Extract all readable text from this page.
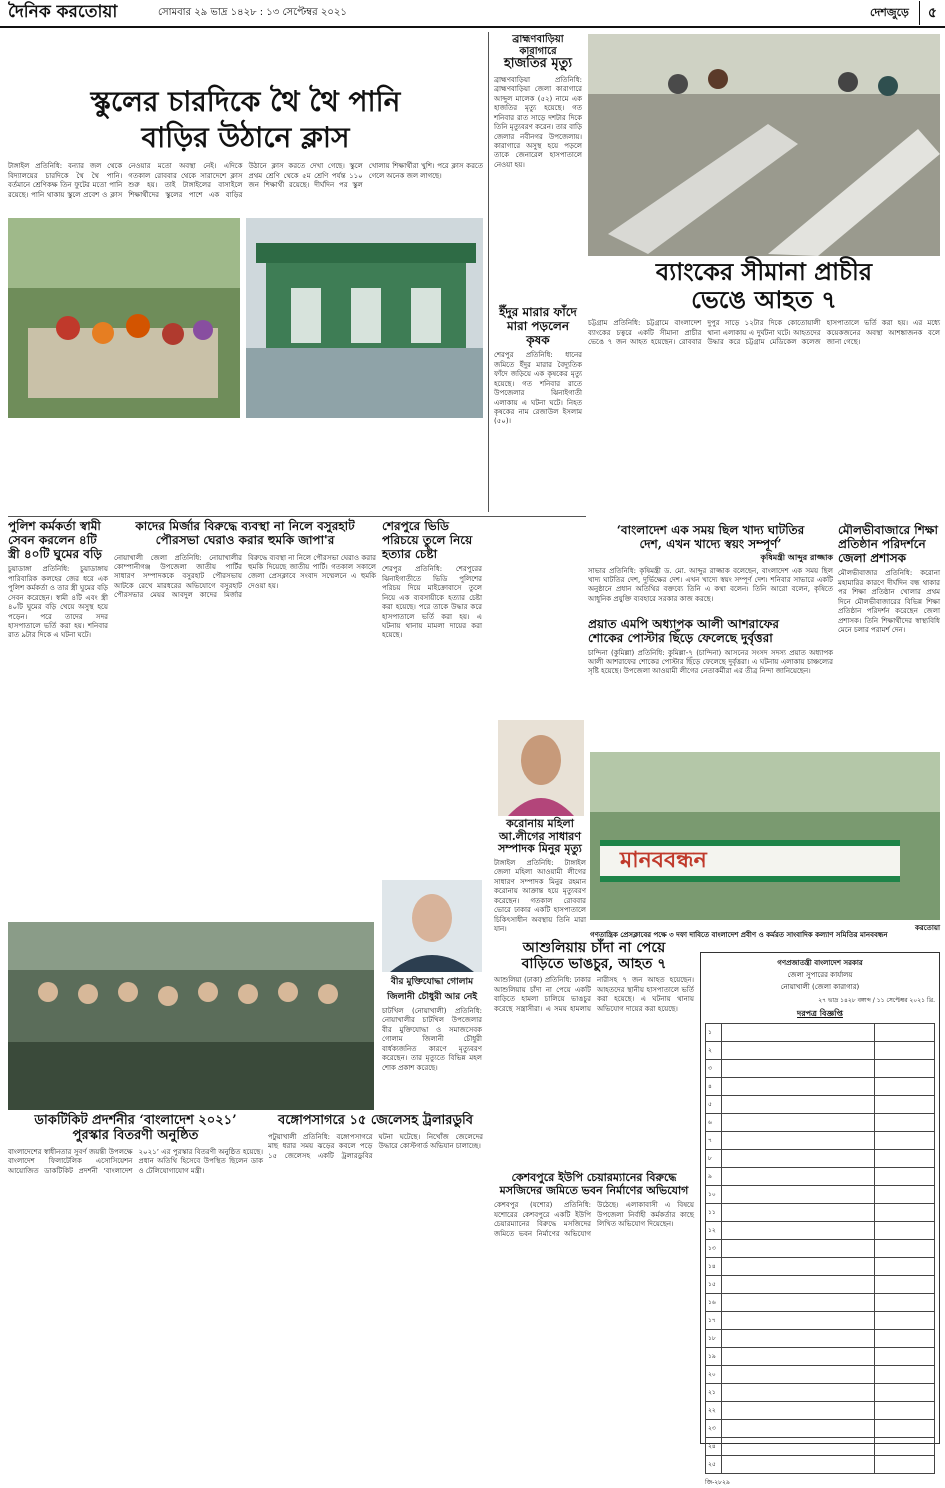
দৈনিক করতোয়া	সোমবার ২৯ ভাদ্র ১৪২৮ : ১৩ সেপ্টেম্বর ২০২১	দেশজুড়ে	৫
স্কুলের চারদিকে থৈ থৈ পানি
বাড়ির উঠানে ক্লাস
টাঙ্গাইল প্রতিনিধি: বন্যার জল থেকে বিদ্যালয়ের চারদিকে থৈ থৈ পানি। বর্তমানে শ্রেণিকক্ষ তিন ফুটের মতো পানি রয়েছে। পানি থাকায় স্কুলে প্রবেশ ও ক্লাস নেওয়ার মতো অবস্থা নেই। এদিকে গতকাল রোববার থেকে সারাদেশে ক্লাস শুরু হয়। তাই টাঙ্গাইলের বাসাইলে শিক্ষার্থীদের স্কুলের পাশে এক বাড়ির উঠানে ক্লাস করতে দেখা গেছে। স্কুলে প্রথম শ্রেণি থেকে ৫ম শ্রেণি পর্যন্ত ১১০ জন শিক্ষার্থী রয়েছে। দীর্ঘদিন পর স্কুল খোলায় শিক্ষার্থীরা খুশি। পরে ক্লাস করতে গেলে অনেক জল লাগছে।
ব্রাহ্মণবাড়িয়া কারাগারে
হাজতির মৃত্যু
ব্রাহ্মণবাড়িয়া প্রতিনিধি: ব্রাহ্মণবাড়িয়া জেলা কারাগারে আব্দুল মালেক (৫২) নামে এক হাজতির মৃত্যু হয়েছে। গত শনিবার রাত সাড়ে দশটার দিকে তিনি মৃত্যুবরণ করেন। তার বাড়ি জেলার নবীনগর উপজেলায়। কারাগারে অসুস্থ হয়ে পড়লে তাকে জেনারেল হাসপাতালে নেওয়া হয়।
ইঁদুর মারার ফাঁদে মারা পড়লেন কৃষক
শেরপুর প্রতিনিধি: ধানের জমিতে ইঁদুর মারার বৈদ্যুতিক ফাঁদে জড়িয়ে এক কৃষকের মৃত্যু হয়েছে। গত শনিবার রাতে উপজেলার ঝিনাইগাতী এলাকায় এ ঘটনা ঘটে। নিহত কৃষকের নাম রেজাউল ইসলাম (৫০)।
ব্যাংকের সীমানা প্রাচীর
ভেঙে আহত ৭
চট্টগ্রাম প্রতিনিধি: চট্টগ্রামে বাংলাদেশ ব্যাংকের চত্বরে একটি সীমানা প্রাচীর ভেঙে ৭ জন আহত হয়েছেন। রোববার দুপুর সাড়ে ১২টার দিকে কোতোয়ালী থানা এলাকায় এ দুর্ঘটনা ঘটে। আহতদের উদ্ধার করে চট্টগ্রাম মেডিকেল কলেজ হাসপাতালে ভর্তি করা হয়। এর মধ্যে কয়েকজনের অবস্থা আশঙ্কাজনক বলে জানা গেছে।
পুলিশ কর্মকর্তা স্বামী সেবন করলেন ৪টি স্ত্রী ৪০টি ঘুমের বড়ি
চুয়াডাঙ্গা প্রতিনিধি: চুয়াডাঙ্গায় পারিবারিক কলহের জের ধরে এক পুলিশ কর্মকর্তা ও তার স্ত্রী ঘুমের বড়ি সেবন করেছেন। স্বামী ৪টি এবং স্ত্রী ৪০টি ঘুমের বড়ি খেয়ে অসুস্থ হয়ে পড়েন। পরে তাদের সদর হাসপাতালে ভর্তি করা হয়। শনিবার রাত ৯টার দিকে এ ঘটনা ঘটে।
কাদের মির্জার বিরুদ্ধে ব্যবস্থা না নিলে বসুরহাট
পৌরসভা ঘেরাও করার হুমকি জাপা'র
নোয়াখালী জেলা প্রতিনিধি: নোয়াখালীর কোম্পানীগঞ্জ উপজেলা জাতীয় পার্টির সাধারণ সম্পাদককে বসুরহাট পৌরসভায় আটকে রেখে মারধরের অভিযোগে বসুরহাট পৌরসভার মেয়র আবদুল কাদের মির্জার বিরুদ্ধে ব্যবস্থা না নিলে পৌরসভা ঘেরাও করার হুমকি দিয়েছে জাতীয় পার্টি। গতকাল সকালে জেলা প্রেসক্লাবে সংবাদ সম্মেলনে এ হুমকি দেওয়া হয়।
শেরপুরে ভিডি পরিচয়ে তুলে নিয়ে হত্যার চেষ্টা
শেরপুর প্রতিনিধি: শেরপুরের ঝিনাইগাতীতে ভিডি পুলিশের পরিচয় দিয়ে মাইক্রোবাসে তুলে নিয়ে এক ব্যবসায়ীকে হত্যার চেষ্টা করা হয়েছে। পরে তাকে উদ্ধার করে হাসপাতালে ভর্তি করা হয়। এ ঘটনায় থানায় মামলা দায়ের করা হয়েছে।
‘বাংলাদেশ এক সময় ছিল খাদ্য ঘাটতির
দেশ, এখন খাদ্যে স্বয়ং সম্পূর্ণ’
কৃষিমন্ত্রী আব্দুর রাজ্জাক
সাভার প্রতিনিধি: কৃষিমন্ত্রী ড. মো. আব্দুর রাজ্জাক বলেছেন, বাংলাদেশ এক সময় ছিল খাদ্য ঘাটতির দেশ, দুর্ভিক্ষের দেশ। এখন খাদ্যে স্বয়ং সম্পূর্ণ দেশ। শনিবার সাভারে একটি অনুষ্ঠানে প্রধান অতিথির বক্তব্যে তিনি এ কথা বলেন। তিনি আরো বলেন, কৃষিতে আধুনিক প্রযুক্তি ব্যবহারে সরকার কাজ করছে।
মৌলভীবাজারে শিক্ষা প্রতিষ্ঠান পরিদর্শনে জেলা প্রশাসক
মৌলভীবাজার প্রতিনিধি: করোনা মহামারির কারণে দীর্ঘদিন বন্ধ থাকার পর শিক্ষা প্রতিষ্ঠান খোলার প্রথম দিনে মৌলভীবাজারের বিভিন্ন শিক্ষা প্রতিষ্ঠান পরিদর্শন করেছেন জেলা প্রশাসক। তিনি শিক্ষার্থীদের স্বাস্থ্যবিধি মেনে চলার পরামর্শ দেন।
করোনায় মহিলা আ.লীগের সাধারণ সম্পাদক মিনুর মৃত্যু
টাঙ্গাইল প্রতিনিধি: টাঙ্গাইল জেলা মহিলা আওয়ামী লীগের সাধারণ সম্পাদক মিনুর রহমান করোনায় আক্রান্ত হয়ে মৃত্যুবরণ করেছেন। গতকাল রোববার ভোরে ঢাকার একটি হাসপাতালে চিকিৎসাধীন অবস্থায় তিনি মারা যান।
প্রয়াত এমপি অধ্যাপক আলী আশরাফের
শোকের পোস্টার ছিঁড়ে ফেলেছে দুর্বৃত্তরা
চান্দিনা (কুমিল্লা) প্রতিনিধি: কুমিল্লা-৭ (চান্দিনা) আসনের সংসদ সদস্য প্রয়াত অধ্যাপক আলী আশরাফের শোকের পোস্টার ছিঁড়ে ফেলেছে দুর্বৃত্তরা। এ ঘটনায় এলাকায় চাঞ্চল্যের সৃষ্টি হয়েছে। উপজেলা আওয়ামী লীগের নেতাকর্মীরা এর তীব্র নিন্দা জানিয়েছেন।
বীর মুক্তিযোদ্ধা গোলাম জিলানী চৌধুরী আর নেই
চাটখিল (নোয়াখালী) প্রতিনিধি: নোয়াখালীর চাটখিল উপজেলার বীর মুক্তিযোদ্ধা ও সমাজসেবক গোলাম জিলানী চৌধুরী বার্ধক্যজনিত কারণে মৃত্যুবরণ করেছেন। তার মৃত্যুতে বিভিন্ন মহল শোক প্রকাশ করেছে।
মানববন্ধন
গণতান্ত্রিক প্রেসক্লাবের পক্ষে ৩ দফা দাবিতে বাংলাদেশ প্রবীণ ও কর্মরত সাংবাদিক কল্যাণ সমিতির মানববন্ধন
করতোয়া
ডাকটিকিট প্রদর্শনীর ‘বাংলাদেশ ২০২১’
পুরস্কার বিতরণী অনুষ্ঠিত
বাংলাদেশের স্বাধীনতার সুবর্ণ জয়ন্তী উপলক্ষে বাংলাদেশ ফিলাটেলিক এসোসিয়েশন আয়োজিত ডাকটিকিট প্রদর্শনী ‘বাংলাদেশ ২০২১’ এর পুরস্কার বিতরণী অনুষ্ঠিত হয়েছে। প্রধান অতিথি হিসেবে উপস্থিত ছিলেন ডাক ও টেলিযোগাযোগ মন্ত্রী।
বঙ্গোপসাগরে ১৫ জেলেসহ ট্রলারডুবি
পটুয়াখালী প্রতিনিধি: বঙ্গোপসাগরে মাছ ধরার সময় ঝড়ের কবলে পড়ে ১৫ জেলেসহ একটি ট্রলারডুবির ঘটনা ঘটেছে। নিখোঁজ জেলেদের উদ্ধারে কোস্টগার্ড অভিযান চালাচ্ছে।
আশুলিয়ায় চাঁদা না পেয়ে
বাড়িতে ভাঙচুর, আহত ৭
আশুলিয়া (ঢাকা) প্রতিনিধি: ঢাকার আশুলিয়ায় চাঁদা না পেয়ে একটি বাড়িতে হামলা চালিয়ে ভাঙচুর করেছে সন্ত্রাসীরা। এ সময় হামলায় নারীসহ ৭ জন আহত হয়েছেন। আহতদের স্থানীয় হাসপাতালে ভর্তি করা হয়েছে। এ ঘটনায় থানায় অভিযোগ দায়ের করা হয়েছে।
কেশবপুরে ইউপি চেয়ারম্যানের বিরুদ্ধে মসজিদের জমিতে ভবন নির্মাণের অভিযোগ
কেশবপুর (যশোর) প্রতিনিধি: যশোরের কেশবপুরে একটি ইউপি চেয়ারম্যানের বিরুদ্ধে মসজিদের জমিতে ভবন নির্মাণের অভিযোগ উঠেছে। এলাকাবাসী এ বিষয়ে উপজেলা নির্বাহী কর্মকর্তার কাছে লিখিত অভিযোগ দিয়েছেন।
গণপ্রজাতন্ত্রী বাংলাদেশ সরকার
জেলা সুপারের কার্যালয়
নোয়াখালী (জেলা কারাগার)
২৭ ভাদ্র ১৪২৮ বঙ্গাব্দ / ১১ সেপ্টেম্বর ২০২১ খ্রি.
দরপত্র বিজ্ঞপ্তি
১		
২		
৩		
৪		
৫		
৬		
৭		
৮		
৯		
১০		
১১		
১২		
১৩		
১৪		
১৫		
১৬		
১৭		
১৮		
১৯		
২০		
২১		
২২		
২৩		
২৪		
২৫		
জি-২৮২৯
